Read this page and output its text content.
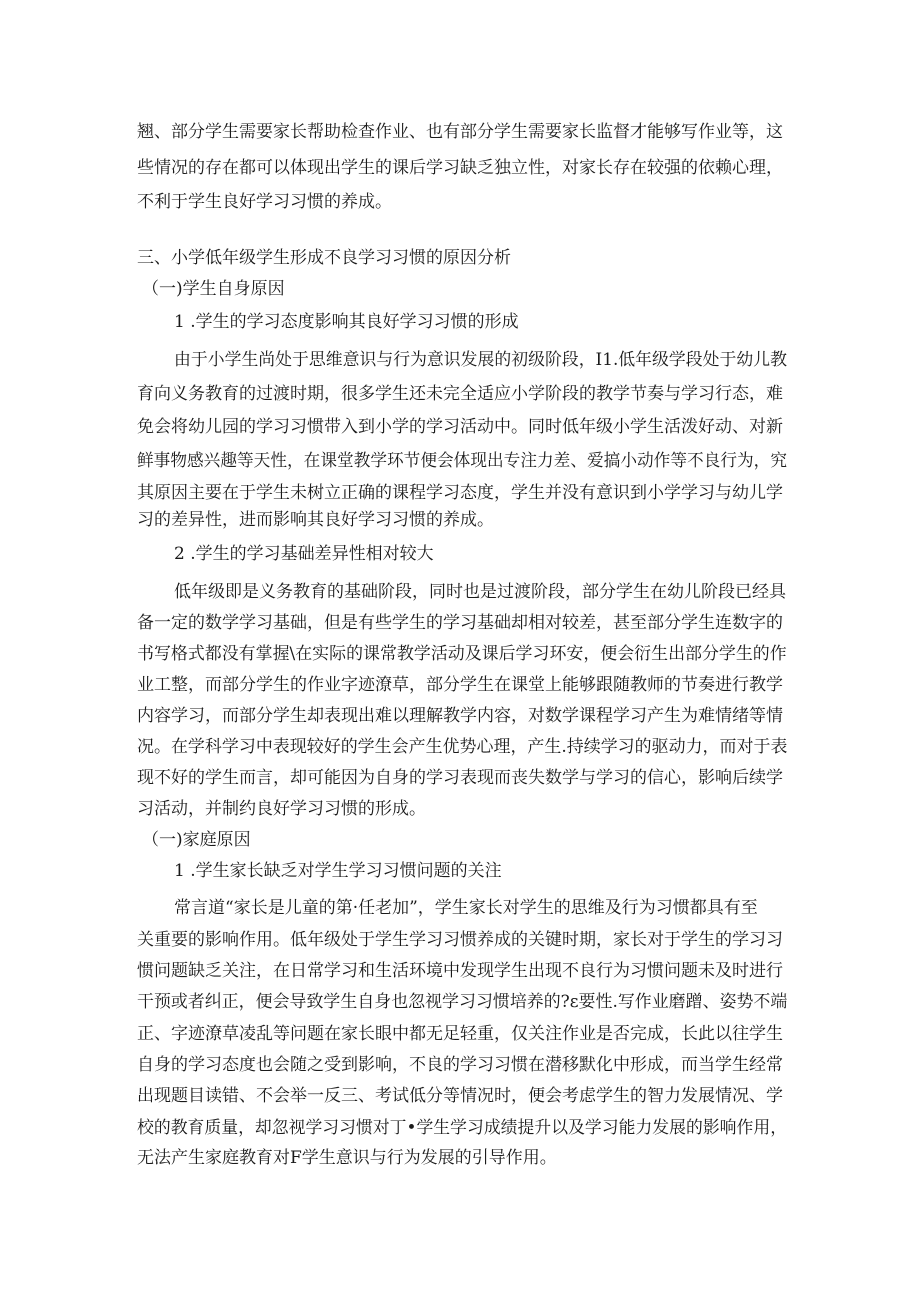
翘、部分学生需要家长帮助检查作业、也有部分学生需要家长监督才能够写作业等，这
些情况的存在都可以体现出学生的课后学习缺乏独立性，对家长存在较强的依赖心理，
不利于学生良好学习习惯的养成。
三、小学低年级学生形成不良学习习惯的原因分析
（一)学生自身原因
1 .学生的学习态度影响其良好学习习惯的形成
由于小学生尚处于思维意识与行为意识发展的初级阶段，I1.低年级学段处于幼儿教
育向义务教育的过渡时期，很多学生还未完全适应小学阶段的教学节奏与学习行态，难
免会将幼儿园的学习习惯带入到小学的学习活动中。同时低年级小学生活泼好动、对新
鲜事物感兴趣等天性，在课堂教学环节便会体现出专注力差、爱搞小动作等不良行为，究
其原因主要在于学生未树立正确的课程学习态度，学生并没有意识到小学学习与幼儿学
习的差异性，进而影响其良好学习习惯的养成。
2 .学生的学习基础差异性相对较大
低年级即是义务教育的基础阶段，同时也是过渡阶段，部分学生在幼儿阶段已经具
备一定的数学学习基础，但是有些学生的学习基础却相对较差，甚至部分学生连数字的
书写格式都没有掌握\在实际的课常教学活动及课后学习环安，便会衍生出部分学生的作
业工整，而部分学生的作业字迹潦草，部分学生在课堂上能够跟随教师的节奏进行教学
内容学习，而部分学生却表现出难以理解教学内容，对数学课程学习产生为难情绪等情
况。在学科学习中表现较好的学生会产生优势心理，产生.持续学习的驱动力，而对于表
现不好的学生而言，却可能因为自身的学习表现而丧失数学与学习的信心，影响后续学
习活动，并制约良好学习习惯的形成。
（一)家庭原因
1 .学生家长缺乏对学生学习习惯问题的关注
常言道“家长是儿童的第·任老加”，学生家长对学生的思维及行为习惯都具有至
关重要的影响作用。低年级处于学生学习习惯养成的关键时期，家长对于学生的学习习
惯问题缺乏关注，在日常学习和生活环境中发现学生出现不良行为习惯问题未及时进行
干预或者纠正，便会导致学生自身也忽视学习习惯培养的?ε要性.写作业磨蹭、姿势不端
正、字迹潦草凌乱等问题在家长眼中都无足轻重，仅关注作业是否完成，长此以往学生
自身的学习态度也会随之受到影响，不良的学习习惯在潜移默化中形成，而当学生经常
出现题目读错、不会举一反三、考试低分等情况时，便会考虑学生的智力发展情况、学
校的教育质量，却忽视学习习惯对丁•学生学习成绩提升以及学习能力发展的影响作用，
无法产生家庭教育对F学生意识与行为发展的引导作用。
